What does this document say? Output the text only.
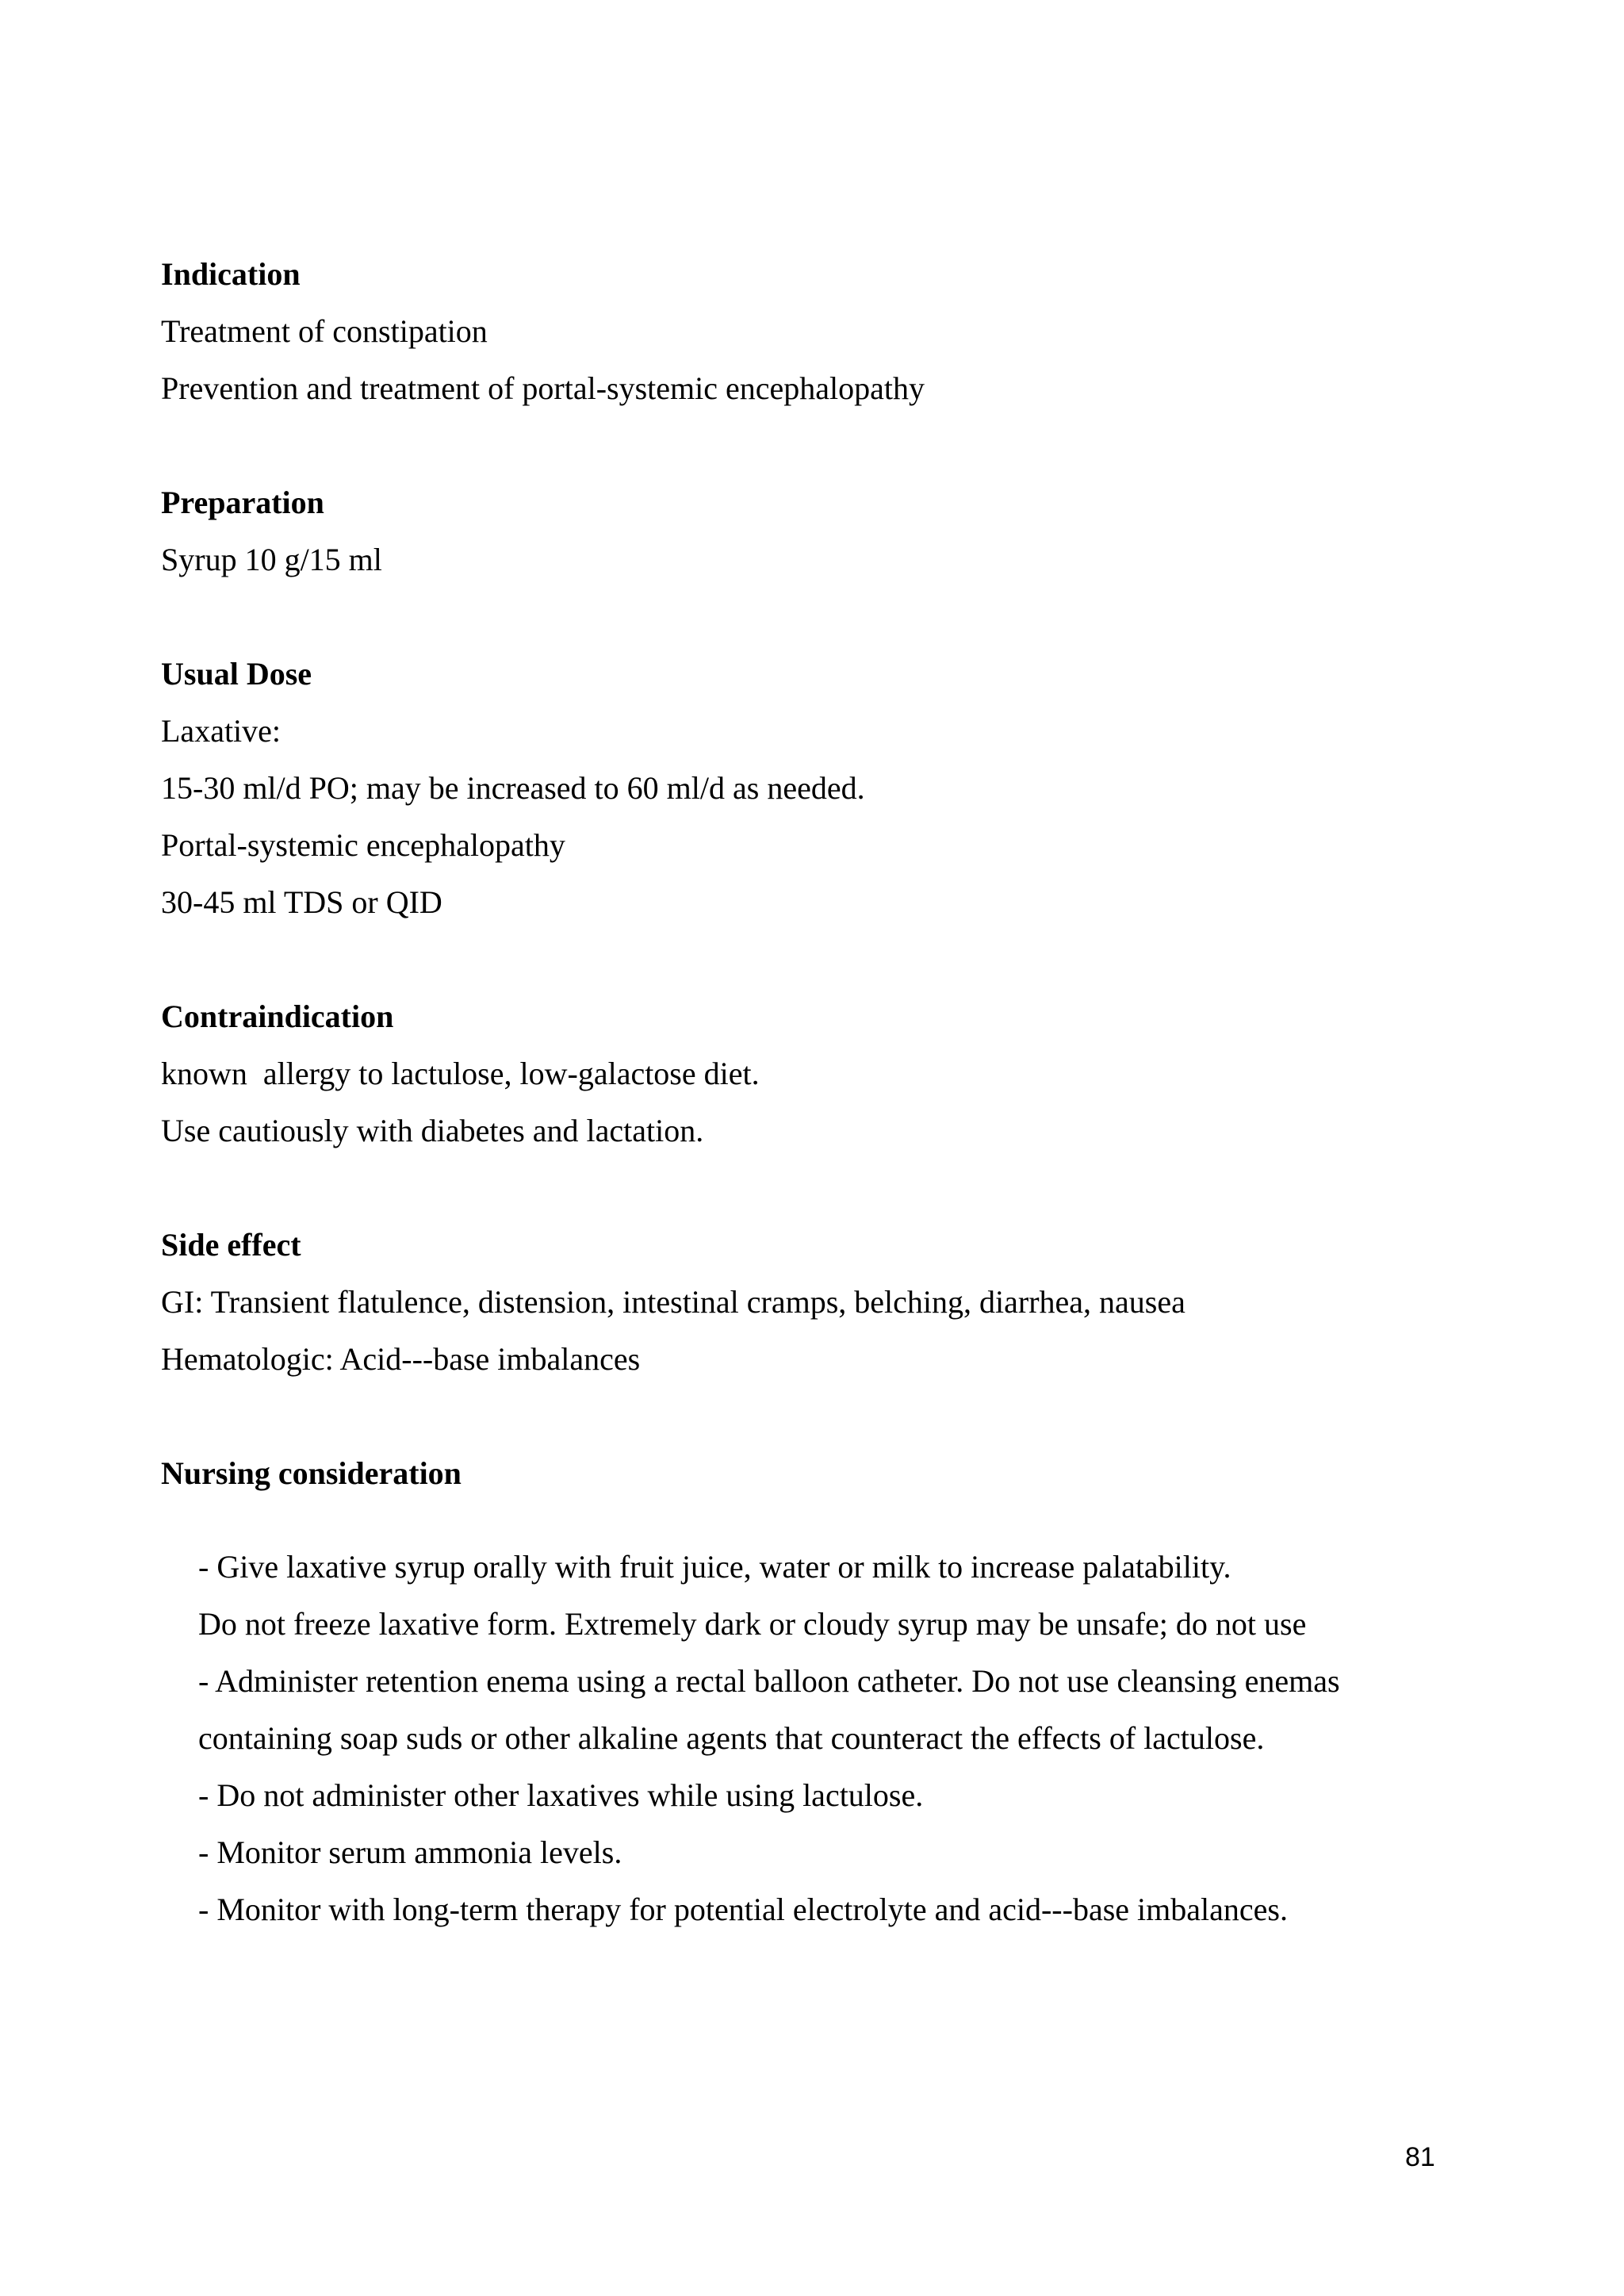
Indication
Treatment of constipation
Prevention and treatment of portal-systemic encephalopathy
Preparation
Syrup 10 g/15 ml
Usual Dose
Laxative:
15-30 ml/d PO; may be increased to 60 ml/d as needed.
Portal-systemic encephalopathy
30-45 ml TDS or QID
Contraindication
known  allergy to lactulose, low-galactose diet.
Use cautiously with diabetes and lactation.
Side effect
GI: Transient flatulence, distension, intestinal cramps, belching, diarrhea, nausea
Hematologic: Acid---base imbalances
Nursing consideration
- Give laxative syrup orally with fruit juice, water or milk to increase palatability.
Do not freeze laxative form. Extremely dark or cloudy syrup may be unsafe; do not use
- Administer retention enema using a rectal balloon catheter. Do not use cleansing enemas
containing soap suds or other alkaline agents that counteract the effects of lactulose.
- Do not administer other laxatives while using lactulose.
- Monitor serum ammonia levels.
- Monitor with long-term therapy for potential electrolyte and acid---base imbalances.
81
